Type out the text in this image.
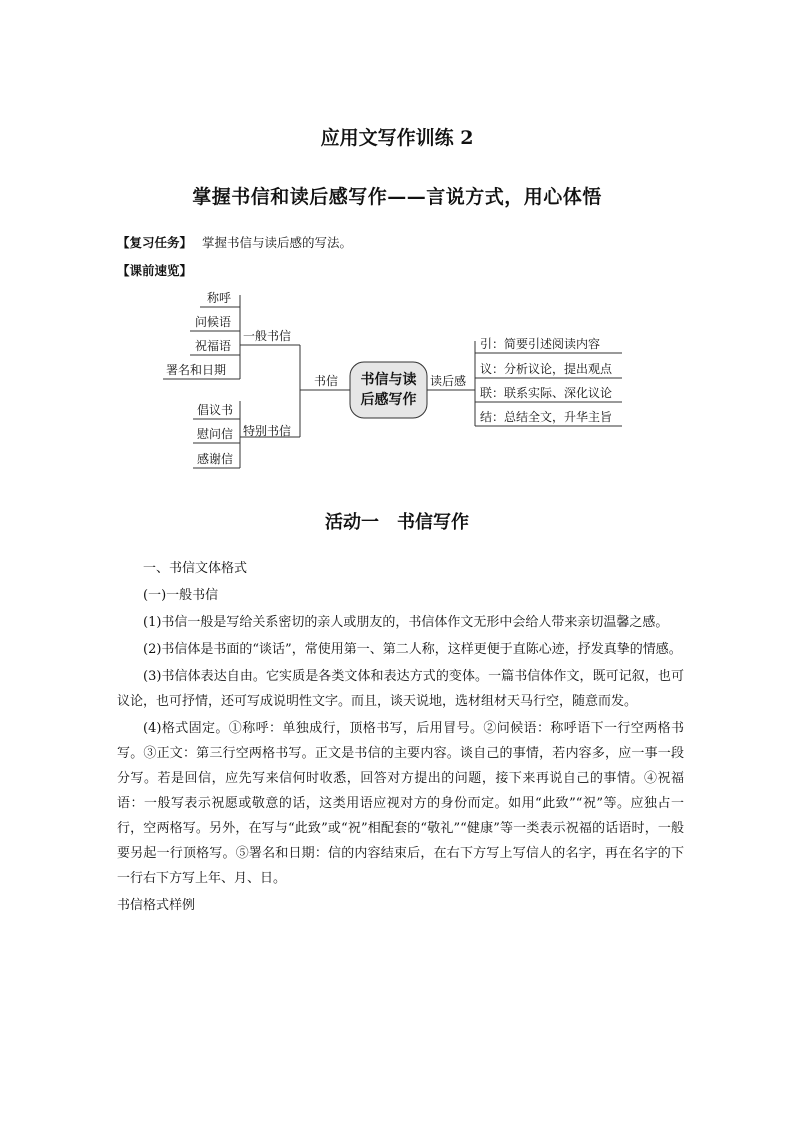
应用文写作训练 2
掌握书信和读后感写作——言说方式，用心体悟
【复习任务】 掌握书信与读后感的写法。
【课前速览】
称呼
问候语
祝福语
署名和日期
一般书信
倡议书
慰问信
感谢信
特别书信
书信	读后感
书信与读
后感写作
引：简要引述阅读内容
议：分析议论，提出观点
联：联系实际、深化议论
结：总结全文，升华主旨
活动一　书信写作

一、书信文体格式

(一)一般书信

(1)书信一般是写给关系密切的亲人或朋友的，书信体作文无形中会给人带来亲切温馨之感。

(2)书信体是书面的“谈话”，常使用第一、第二人称，这样更便于直陈心迹，抒发真挚的情感。

(3)书信体表达自由。它实质是各类文体和表达方式的变体。一篇书信体作文，既可记叙，也可议论，也可抒情，还可写成说明性文字。而且，谈天说地，选材组材天马行空，随意而发。

(4)格式固定。①称呼：单独成行，顶格书写，后用冒号。②问候语：称呼语下一行空两格书写。③正文：第三行空两格书写。正文是书信的主要内容。谈自己的事情，若内容多，应一事一段分写。若是回信，应先写来信何时收悉，回答对方提出的问题，接下来再说自己的事情。④祝福语：一般写表示祝愿或敬意的话，这类用语应视对方的身份而定。如用“此致”“祝”等。应独占一行，空两格写。另外，在写与“此致”或“祝”相配套的“敬礼”“健康”等一类表示祝福的话语时，一般要另起一行顶格写。⑤署名和日期：信的内容结束后，在右下方写上写信人的名字，再在名字的下一行右下方写上年、月、日。

书信格式样例
